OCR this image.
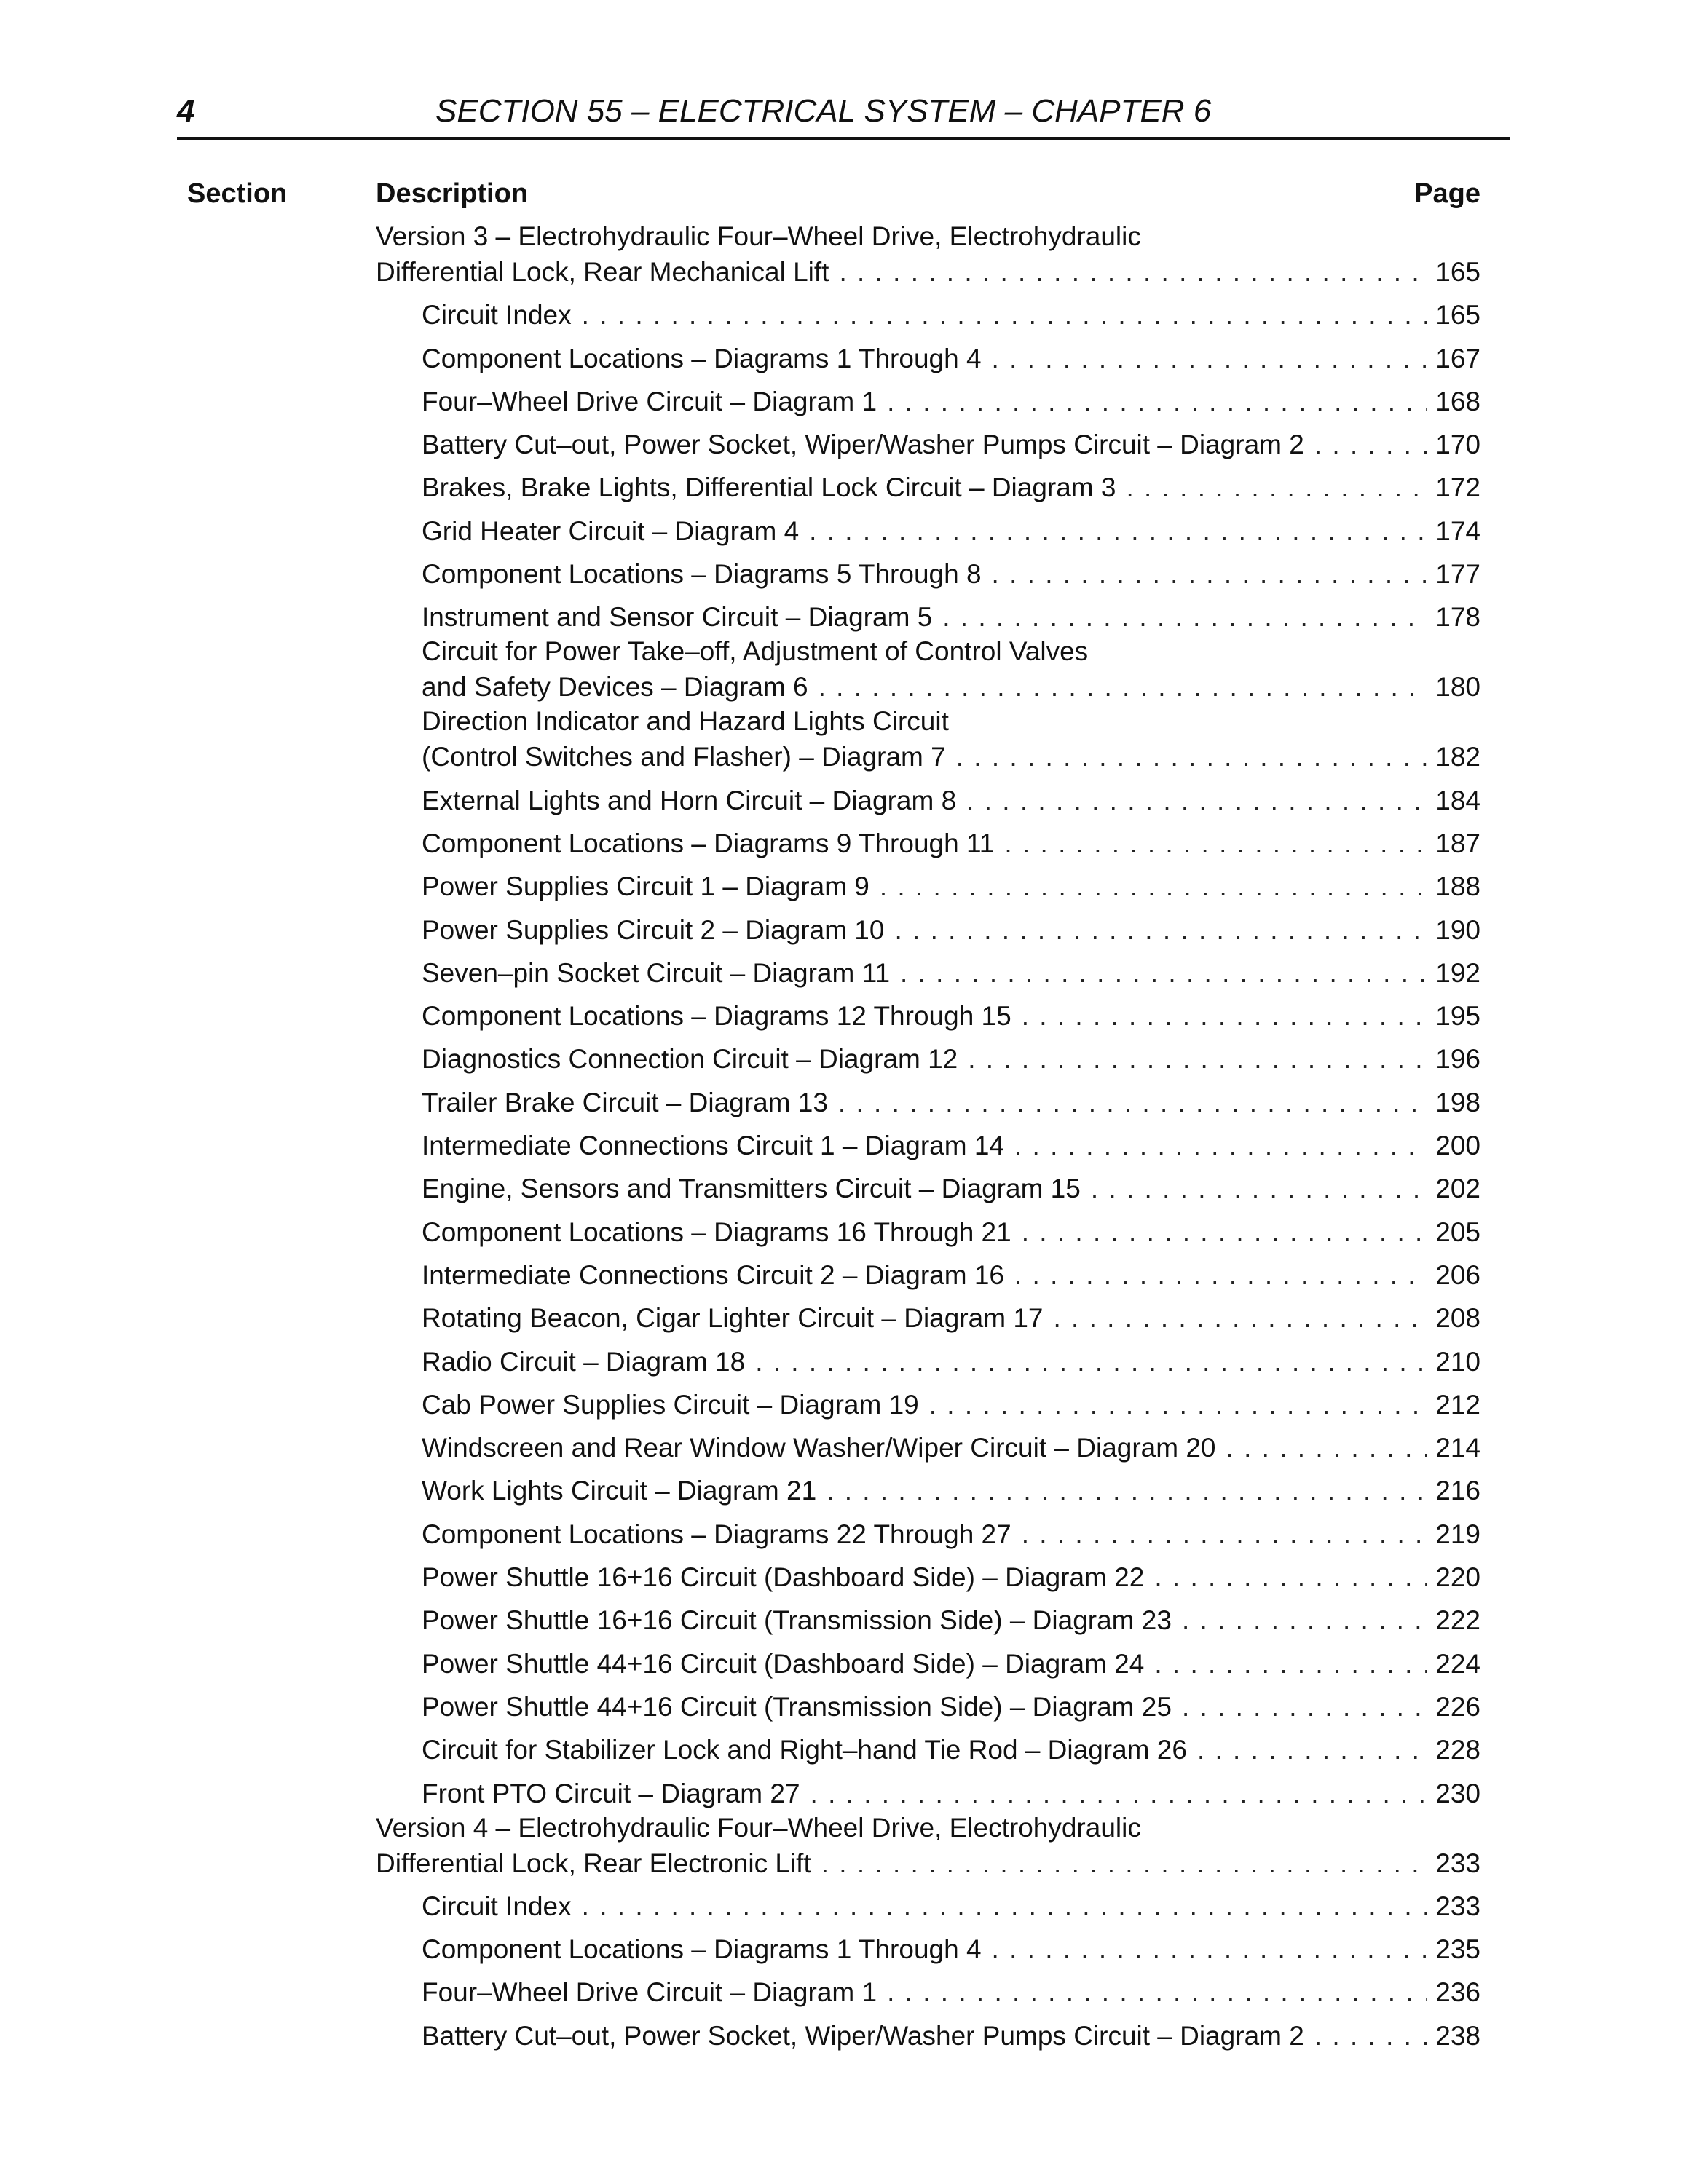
4	SECTION 55 – ELECTRICAL SYSTEM – CHAPTER 6
Section	Description	Page
Version 3 – Electrohydraulic Four–Wheel Drive, Electrohydraulic
Differential Lock, Rear Mechanical Lift . . .	165
Circuit Index . . .	165
Component Locations – Diagrams 1 Through 4 . . .	167
Four–Wheel Drive Circuit – Diagram 1 . . .	168
Battery Cut–out, Power Socket, Wiper/Washer Pumps Circuit – Diagram 2 . . .	170
Brakes, Brake Lights, Differential Lock Circuit – Diagram 3 . . .	172
Grid Heater Circuit – Diagram 4 . . .	174
Component Locations – Diagrams 5 Through 8 . . .	177
Instrument and Sensor Circuit – Diagram 5 . . .	178
Circuit for Power Take–off, Adjustment of Control Valves
and Safety Devices – Diagram 6 . . .	180
Direction Indicator and Hazard Lights Circuit
(Control Switches and Flasher) – Diagram 7 . . .	182
External Lights and Horn Circuit – Diagram 8 . . .	184
Component Locations – Diagrams 9 Through 11 . . .	187
Power Supplies Circuit 1 – Diagram 9 . . .	188
Power Supplies Circuit 2 – Diagram 10 . . .	190
Seven–pin Socket Circuit – Diagram 11 . . .	192
Component Locations – Diagrams 12 Through 15 . . .	195
Diagnostics Connection Circuit – Diagram 12 . . .	196
Trailer Brake Circuit – Diagram 13 . . .	198
Intermediate Connections Circuit 1 – Diagram 14 . . .	200
Engine, Sensors and Transmitters Circuit – Diagram 15 . . .	202
Component Locations – Diagrams 16 Through 21 . . .	205
Intermediate Connections Circuit 2 – Diagram 16 . . .	206
Rotating Beacon, Cigar Lighter Circuit – Diagram 17 . . .	208
Radio Circuit – Diagram 18 . . .	210
Cab Power Supplies Circuit – Diagram 19 . . .	212
Windscreen and Rear Window Washer/Wiper Circuit – Diagram 20 . . .	214
Work Lights Circuit – Diagram 21 . . .	216
Component Locations – Diagrams 22 Through 27 . . .	219
Power Shuttle 16+16 Circuit (Dashboard Side) – Diagram 22 . . .	220
Power Shuttle 16+16 Circuit (Transmission Side) – Diagram 23 . . .	222
Power Shuttle 44+16 Circuit (Dashboard Side) – Diagram 24 . . .	224
Power Shuttle 44+16 Circuit (Transmission Side) – Diagram 25 . . .	226
Circuit for Stabilizer Lock and Right–hand Tie Rod – Diagram 26 . . .	228
Front PTO Circuit – Diagram 27 . . .	230
Version 4 – Electrohydraulic Four–Wheel Drive, Electrohydraulic
Differential Lock, Rear Electronic Lift . . .	233
Circuit Index . . .	233
Component Locations – Diagrams 1 Through 4 . . .	235
Four–Wheel Drive Circuit – Diagram 1 . . .	236
Battery Cut–out, Power Socket, Wiper/Washer Pumps Circuit – Diagram 2 . . .	238
